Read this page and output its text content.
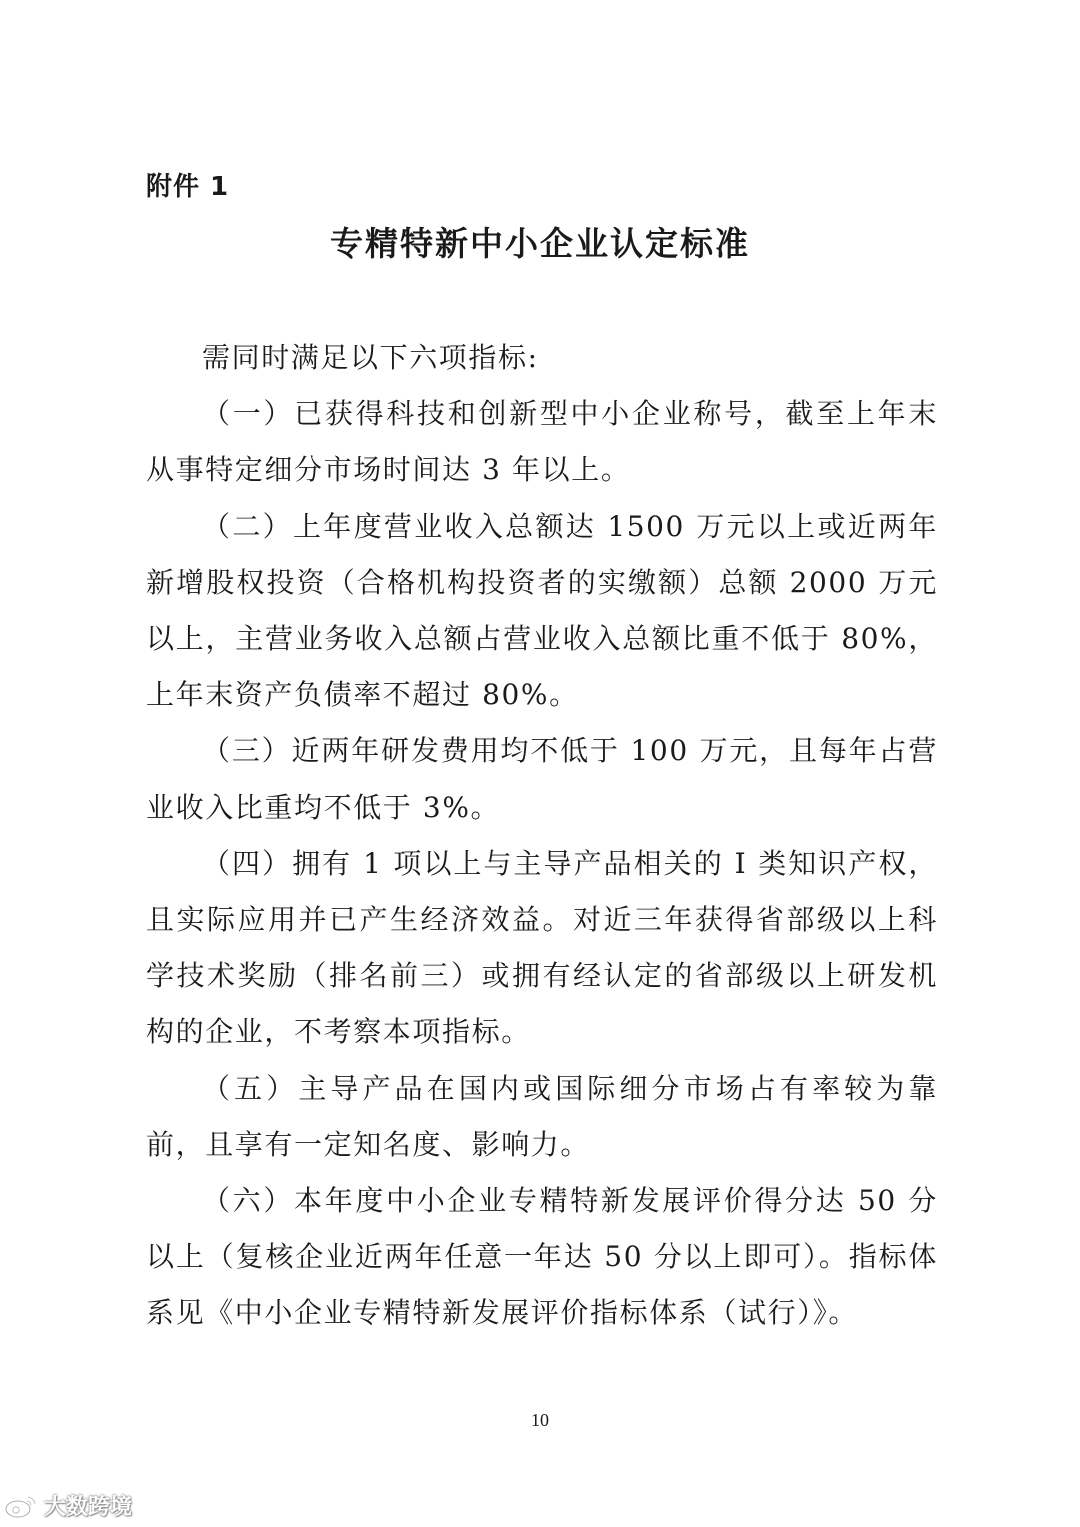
附件 1
专精特新中小企业认定标准

需同时满足以下六项指标:

（一）已获得科技和创新型中小企业称号，截至上年末从事特定细分市场时间达 3 年以上。

（二）上年度营业收入总额达 1500 万元以上或近两年新增股权投资（合格机构投资者的实缴额）总额 2000 万元以上，主营业务收入总额占营业收入总额比重不低于 80%，上年末资产负债率不超过 80%。

（三）近两年研发费用均不低于 100 万元，且每年占营业收入比重均不低于 3%。

（四）拥有 1 项以上与主导产品相关的 I 类知识产权，且实际应用并已产生经济效益。对近三年获得省部级以上科学技术奖励（排名前三）或拥有经认定的省部级以上研发机构的企业，不考察本项指标。

（五）主导产品在国内或国际细分市场占有率较为靠前，且享有一定知名度、影响力。

（六）本年度中小企业专精特新发展评价得分达 50 分以上（复核企业近两年任意一年达 50 分以上即可）。指标体系见《中小企业专精特新发展评价指标体系（试行）》。

10
大数跨境
